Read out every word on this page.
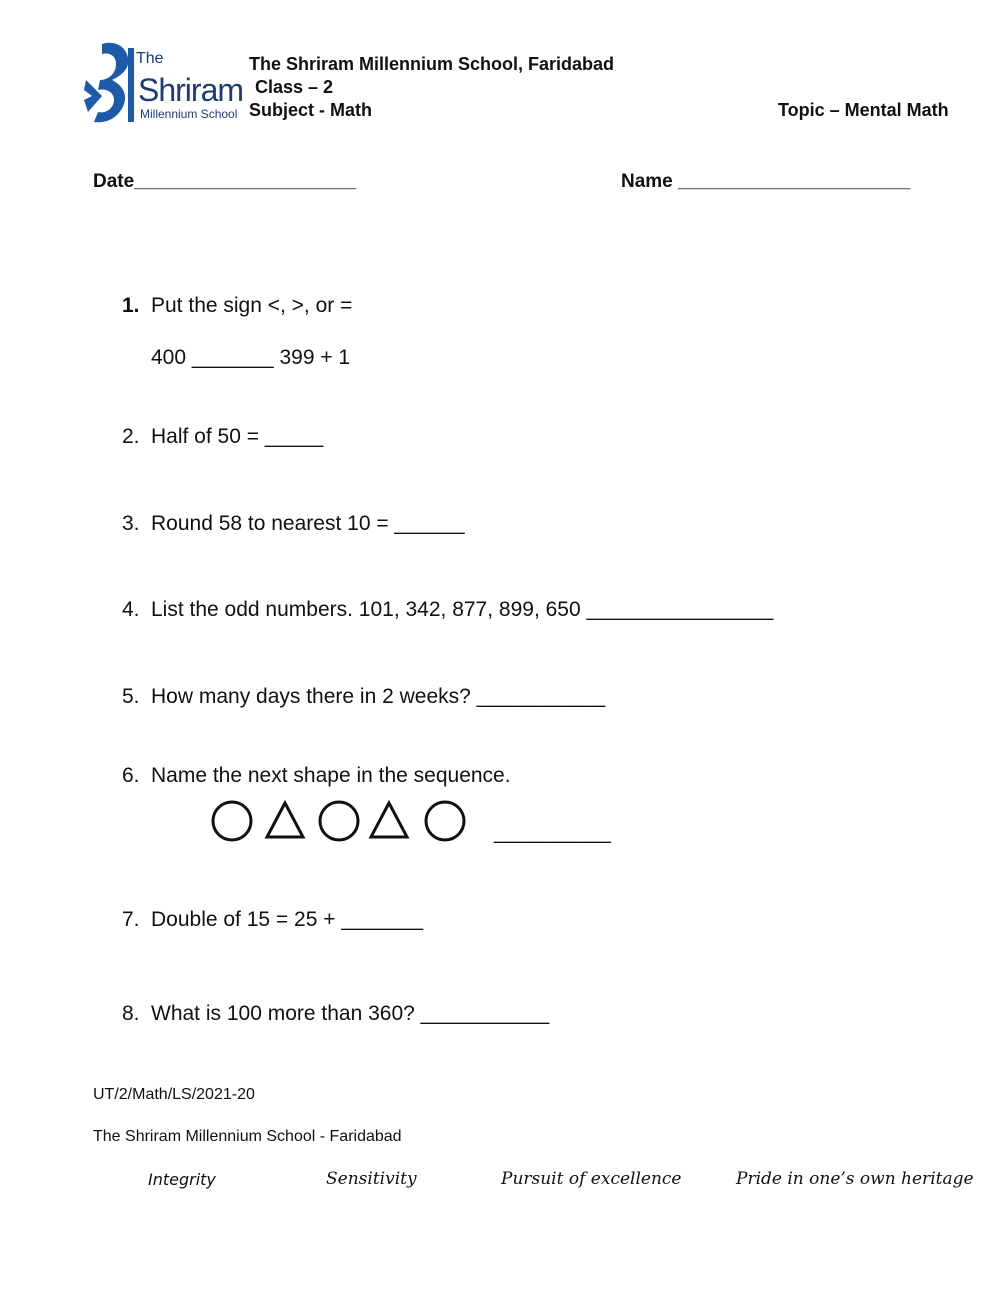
The
Shriram
Millennium School
The Shriram Millennium School, Faridabad
Class – 2
Subject - Math	Topic – Mental Math
Date_____________________	Name ______________________
1. Put the sign <, >, or =
400 _______ 399 + 1
2. Half of 50 = _____
3. Round 58 to nearest 10 = ______
4. List the odd numbers. 101, 342, 877, 899, 650 ________________
5. How many days there in 2 weeks? ___________
6. Name the next shape in the sequence.
__________
7. Double of 15 = 25 + _______
8. What is 100 more than 360? ___________
UT/2/Math/LS/2021-20
The Shriram Millennium School - Faridabad
Integrity	Sensitivity	Pursuit of excellence	Pride in one’s own heritage
